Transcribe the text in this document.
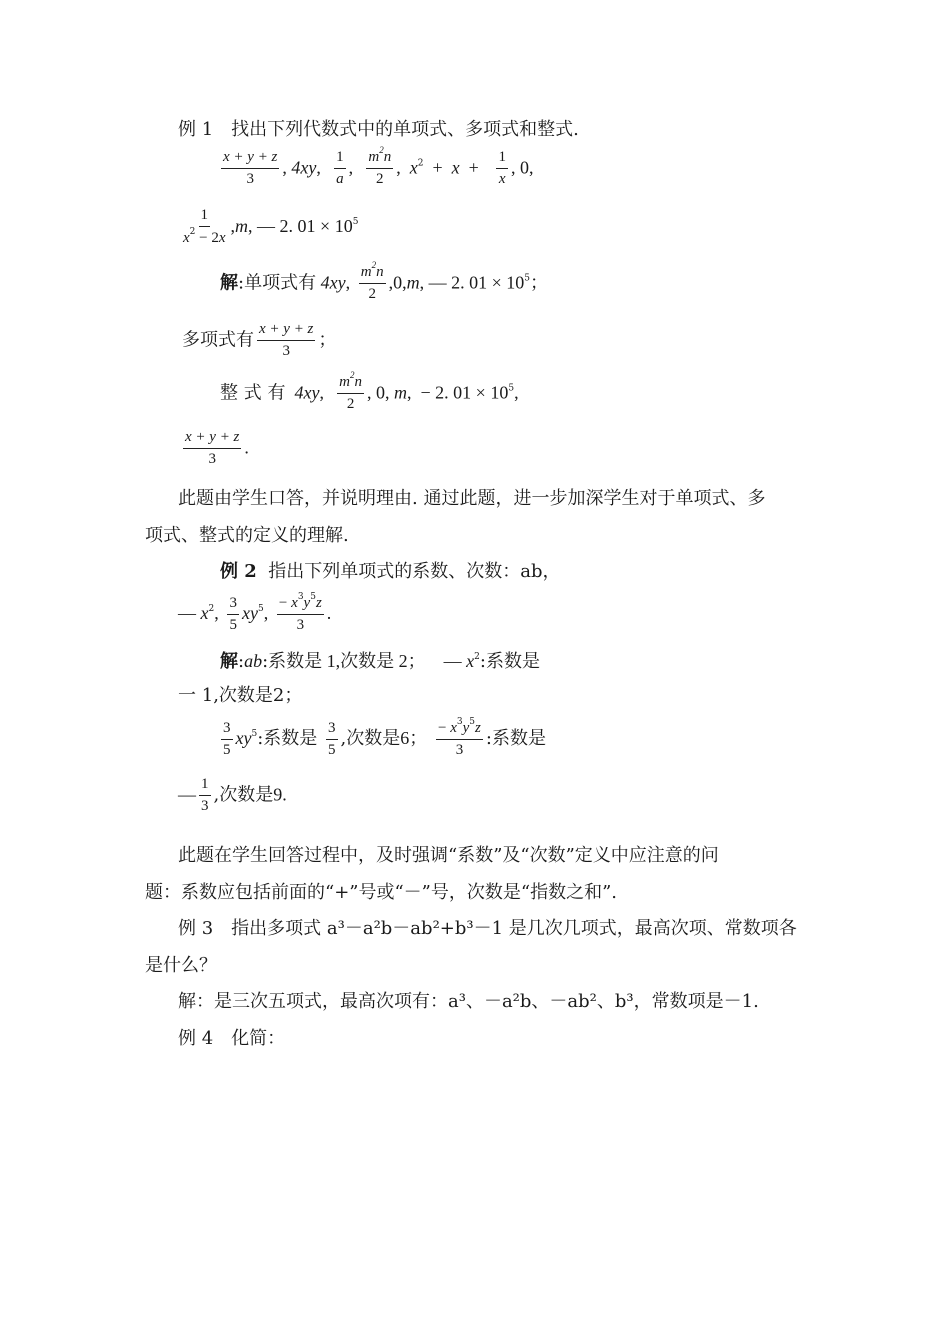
例 1　找出下列代数式中的单项式、多项式和整式.
$\frac{x + y + z}{3}$ , 4xy, $\frac{1}{a}$ , $\frac{m^2n}{2}$ ,  $x^2 + x + \frac{1}{x}$ , 0,
$\frac{1}{x^2 - 2x} ,m$, — 2. $01 \times 10^5$
解:单项式有 4xy, $\frac{m^2n}{2} ,0,m$, — 2. $01 \times 10^5$；
多项式有 $\frac{x + y + z}{3}$ ；
整 式 有  4xy, $\frac{m^2n}{2}$ , 0, m,  − 2. $01 \times 10^5$,
$\frac{x + y + z}{3}$ .
此题由学生口答，并说明理由. 通过此题，进一步加深学生对于单项式、多
项式、整式的定义的理解.
例 2 指出下列单项式的系数、次数：ab，
— $x^2$, $\frac{3}{5} xy^5$, $\frac{- x^3y^5z}{3}$ .
解:ab:系数是 1,次数是 2；    — $x^2$:系数是
一 1,次数是2；
$\frac{3}{5} xy^5$:系数是 $\frac{3}{5}$ ,次数是6； $\frac{- x^3y^5z}{3}$ :系数是
— $\frac{1}{3}$ ,次数是9.
此题在学生回答过程中，及时强调“系数”及“次数”定义中应注意的问
题：系数应包括前面的“+”号或“－”号，次数是“指数之和”.
例 3　指出多项式 a³－a²b－ab²+b³－1 是几次几项式，最高次项、常数项各
是什么？
解：是三次五项式，最高次项有：a³、－a²b、－ab²、b³，常数项是－1.
例 4　化简：
